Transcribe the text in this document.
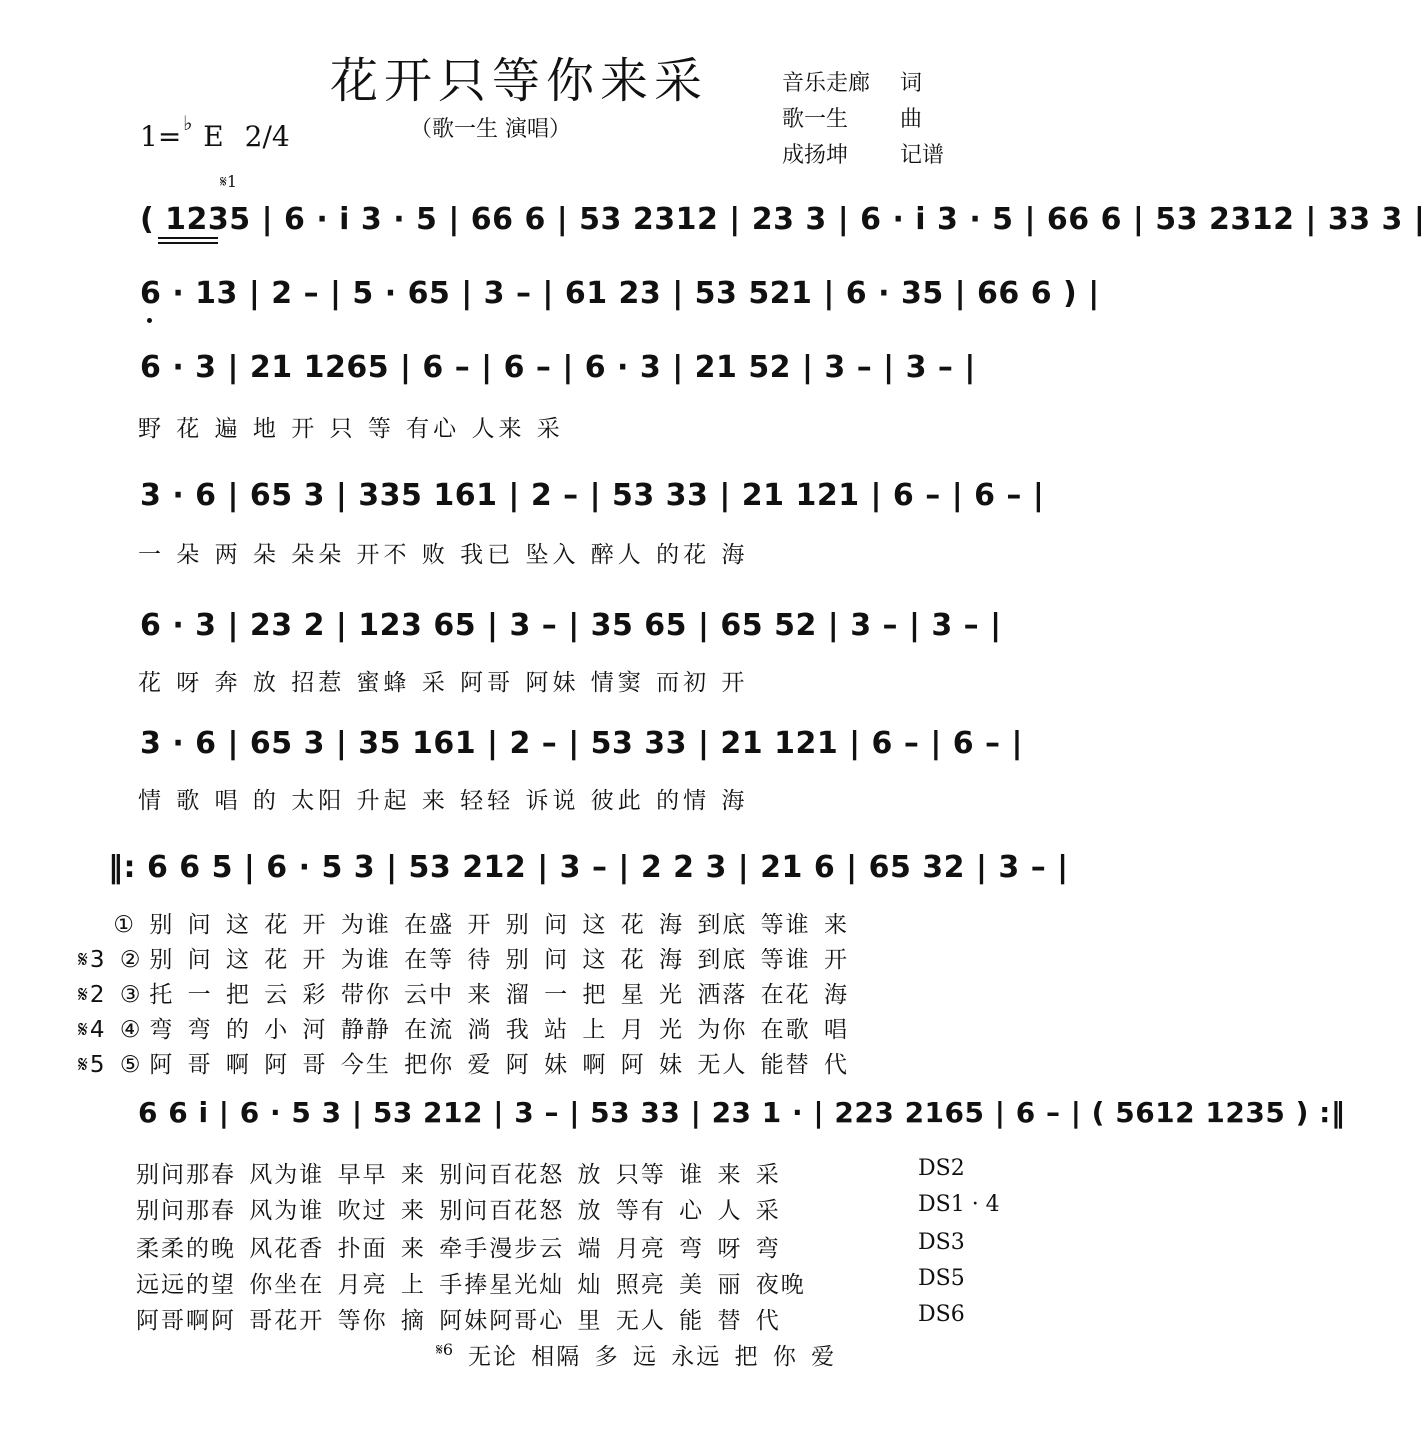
花开只等你来采
（歌一生 演唱）
音乐走廊 词
歌一生 曲
成扬坤 记谱
1= E 2/4
♭
𝄋1
( 1235 | 6 · i 3 · 5 | 66 6 | 53 2312 | 23 3 | 6 · i 3 · 5 | 66 6 | 53 2312 | 33 3 |
6 · 13 | 2 – | 5 · 65 | 3 – | 61 23 | 53 521 | 6 · 35 | 66 6 ) |
6 · 3 | 21 1265 | 6 – | 6 – | 6 · 3 | 21 52 | 3 – | 3 – |
野 花 遍 地 开 只 等 有心 人来 采
3 · 6 | 65 3 | 335 161 | 2 – | 53 33 | 21 121 | 6 – | 6 – |
一 朵 两 朵 朵朵 开不 败 我已 坠入 醉人 的花 海
6 · 3 | 23 2 | 123 65 | 3 – | 35 65 | 65 52 | 3 – | 3 – |
花 呀 奔 放 招惹 蜜蜂 采 阿哥 阿妹 情窦 而初 开
3 · 6 | 65 3 | 35 161 | 2 – | 53 33 | 21 121 | 6 – | 6 – |
情 歌 唱 的 太阳 升起 来 轻轻 诉说 彼此 的情 海
‖: 6 6 5 | 6 · 5 3 | 53 212 | 3 – | 2 2 3 | 21 6 | 65 32 | 3 – |
① 别 问 这 花 开 为谁 在盛 开 别 问 这 花 海 到底 等谁 来
𝄋3 ② 别 问 这 花 开 为谁 在等 待 别 问 这 花 海 到底 等谁 开
𝄋2 ③ 托 一 把 云 彩 带你 云中 来 溜 一 把 星 光 洒落 在花 海
𝄋4 ④ 弯 弯 的 小 河 静静 在流 淌 我 站 上 月 光 为你 在歌 唱
𝄋5 ⑤ 阿 哥 啊 阿 哥 今生 把你 爱 阿 妹 啊 阿 妹 无人 能替 代
6 6 i | 6 · 5 3 | 53 212 | 3 – | 53 33 | 23 1 · | 223 2165 | 6 – | ( 5612 1235 ) :‖
别问那春 风为谁 早早 来 别问百花怒 放 只等 谁 来 采	DS2
别问那春 风为谁 吹过 来 别问百花怒 放 等有 心 人 采	DS1 · 4
柔柔的晚 风花香 扑面 来 牵手漫步云 端 月亮 弯 呀 弯	DS3
远远的望 你坐在 月亮 上 手捧星光灿 灿 照亮 美 丽 夜晚	DS5
阿哥啊阿 哥花开 等你 摘 阿妹阿哥心 里 无人 能 替 代	DS6
𝄋6 无论 相隔 多 远 永远 把 你 爱
